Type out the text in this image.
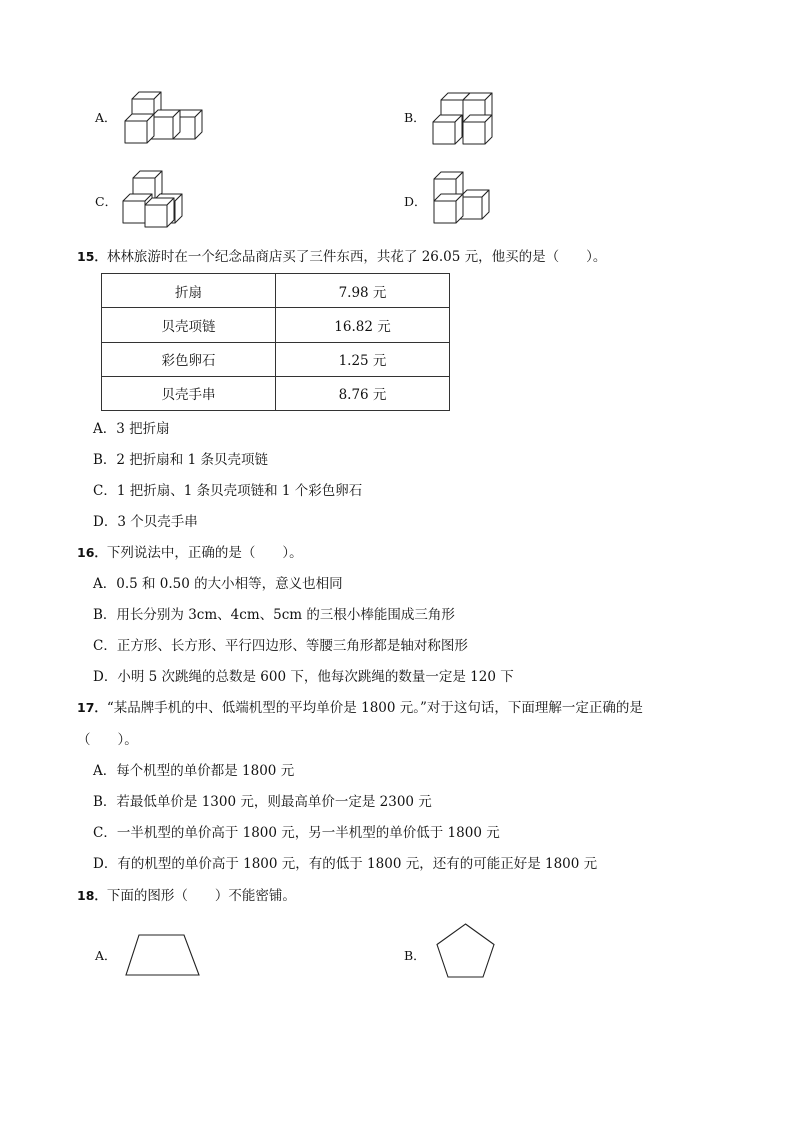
A．	B．
C．	D．
15．林林旅游时在一个纪念品商店买了三件东西，共花了 26.05 元，他买的是（　　）。
折扇	7.98 元
贝壳项链	16.82 元
彩色卵石	1.25 元
贝壳手串	8.76 元
A．3 把折扇
B．2 把折扇和 1 条贝壳项链
C．1 把折扇、1 条贝壳项链和 1 个彩色卵石
D．3 个贝壳手串
16．下列说法中，正确的是（　　）。
A．0.5 和 0.50 的大小相等，意义也相同
B．用长分别为 3cm、4cm、5cm 的三根小棒能围成三角形
C．正方形、长方形、平行四边形、等腰三角形都是轴对称图形
D．小明 5 次跳绳的总数是 600 下，他每次跳绳的数量一定是 120 下
17．“某品牌手机的中、低端机型的平均单价是 1800 元。”对于这句话，下面理解一定正确的是
（　　）。
A．每个机型的单价都是 1800 元
B．若最低单价是 1300 元，则最高单价一定是 2300 元
C．一半机型的单价高于 1800 元，另一半机型的单价低于 1800 元
D．有的机型的单价高于 1800 元，有的低于 1800 元，还有的可能正好是 1800 元
18．下面的图形（　　）不能密铺。
A．	B．
